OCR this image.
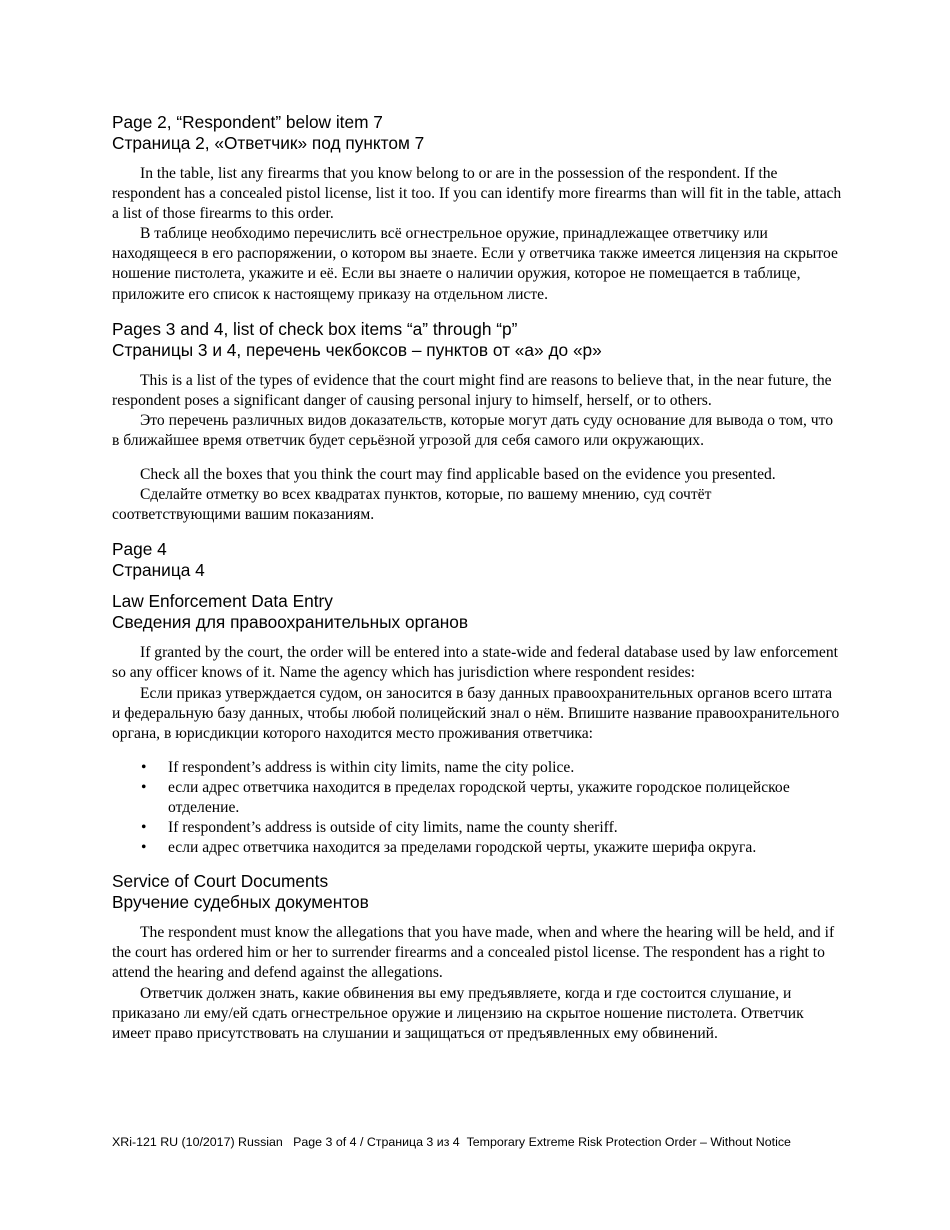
Page 2, “Respondent” below item 7

Страница 2, «Ответчик» под пунктом 7

In the table, list any firearms that you know belong to or are in the possession of the respondent. If the respondent has a concealed pistol license, list it too. If you can identify more firearms than will fit in the table, attach a list of those firearms to this order.

В таблице необходимо перечислить всё огнестрельное оружие, принадлежащее ответчику или находящееся в его распоряжении, о котором вы знаете. Если у ответчика также имеется лицензия на скрытое ношение пистолета, укажите и её. Если вы знаете о наличии оружия, которое не помещается в таблице, приложите его список к настоящему приказу на отдельном листе.

Pages 3 and 4, list of check box items “a” through “p”

Страницы 3 и 4, перечень чекбоксов – пунктов от «a» до «p»

This is a list of the types of evidence that the court might find are reasons to believe that, in the near future, the respondent poses a significant danger of causing personal injury to himself, herself, or to others.

Это перечень различных видов доказательств, которые могут дать суду основание для вывода о том, что в ближайшее время ответчик будет серьёзной угрозой для себя самого или окружающих.

Check all the boxes that you think the court may find applicable based on the evidence you presented.

Сделайте отметку во всех квадратах пунктов, которые, по вашему мнению, суд сочтёт соответствующими вашим показаниям.

Page 4

Страница 4

Law Enforcement Data Entry

Сведения для правоохранительных органов

If granted by the court, the order will be entered into a state-wide and federal database used by law enforcement so any officer knows of it. Name the agency which has jurisdiction where respondent resides:

Если приказ утверждается судом, он заносится в базу данных правоохранительных органов всего штата и федеральную базу данных, чтобы любой полицейский знал о нём. Впишите название правоохранительного органа, в юрисдикции которого находится место проживания ответчика:

• If respondent’s address is within city limits, name the city police.
• если адрес ответчика находится в пределах городской черты, укажите городское полицейское отделение.
• If respondent’s address is outside of city limits, name the county sheriff.
• если адрес ответчика находится за пределами городской черты, укажите шерифа округа.

Service of Court Documents

Вручение судебных документов

The respondent must know the allegations that you have made, when and where the hearing will be held, and if the court has ordered him or her to surrender firearms and a concealed pistol license. The respondent has a right to attend the hearing and defend against the allegations.

Ответчик должен знать, какие обвинения вы ему предъявляете, когда и где состоится слушание, и приказано ли ему/ей сдать огнестрельное оружие и лицензию на скрытое ношение пистолета. Ответчик имеет право присутствовать на слушании и защищаться от предъявленных ему обвинений.

XRi-121 RU (10/2017) Russian Page 3 of 4 / Страница 3 из 4 Temporary Extreme Risk Protection Order – Without Notice
